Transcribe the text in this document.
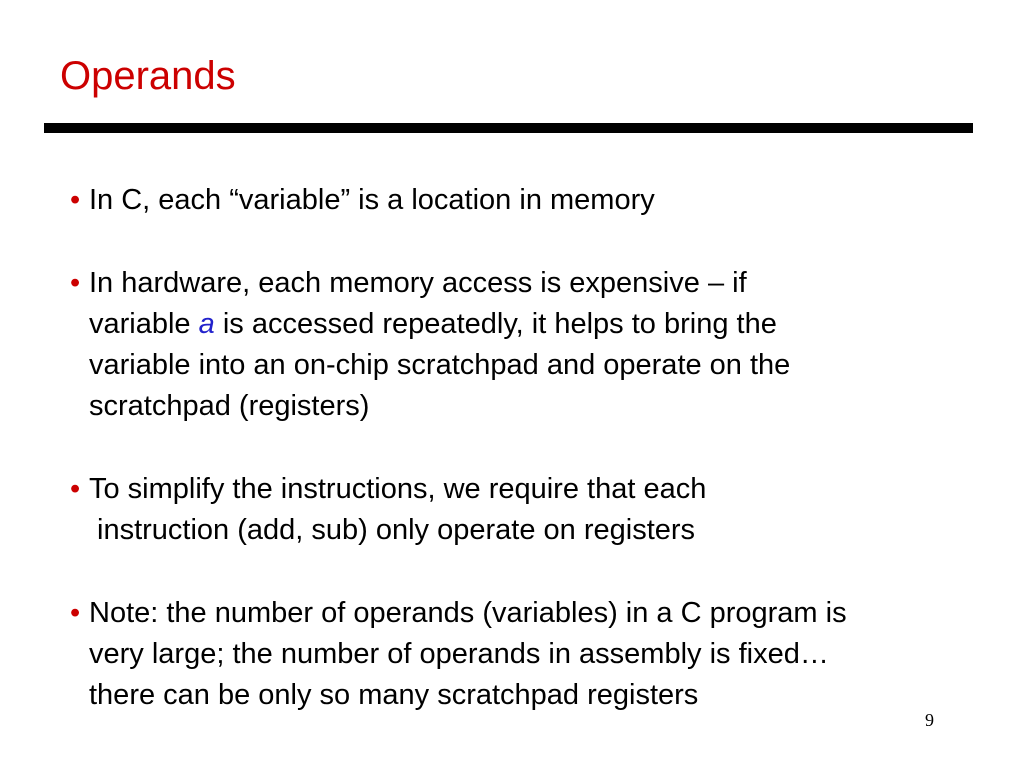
Operands
• In C, each “variable” is a location in memory
• In hardware, each memory access is expensive – if
variable a is accessed repeatedly, it helps to bring the
variable into an on-chip scratchpad and operate on the
scratchpad (registers)
• To simplify the instructions, we require that each
instruction (add, sub) only operate on registers
• Note: the number of operands (variables) in a C program is
very large; the number of operands in assembly is fixed…
there can be only so many scratchpad registers
9
